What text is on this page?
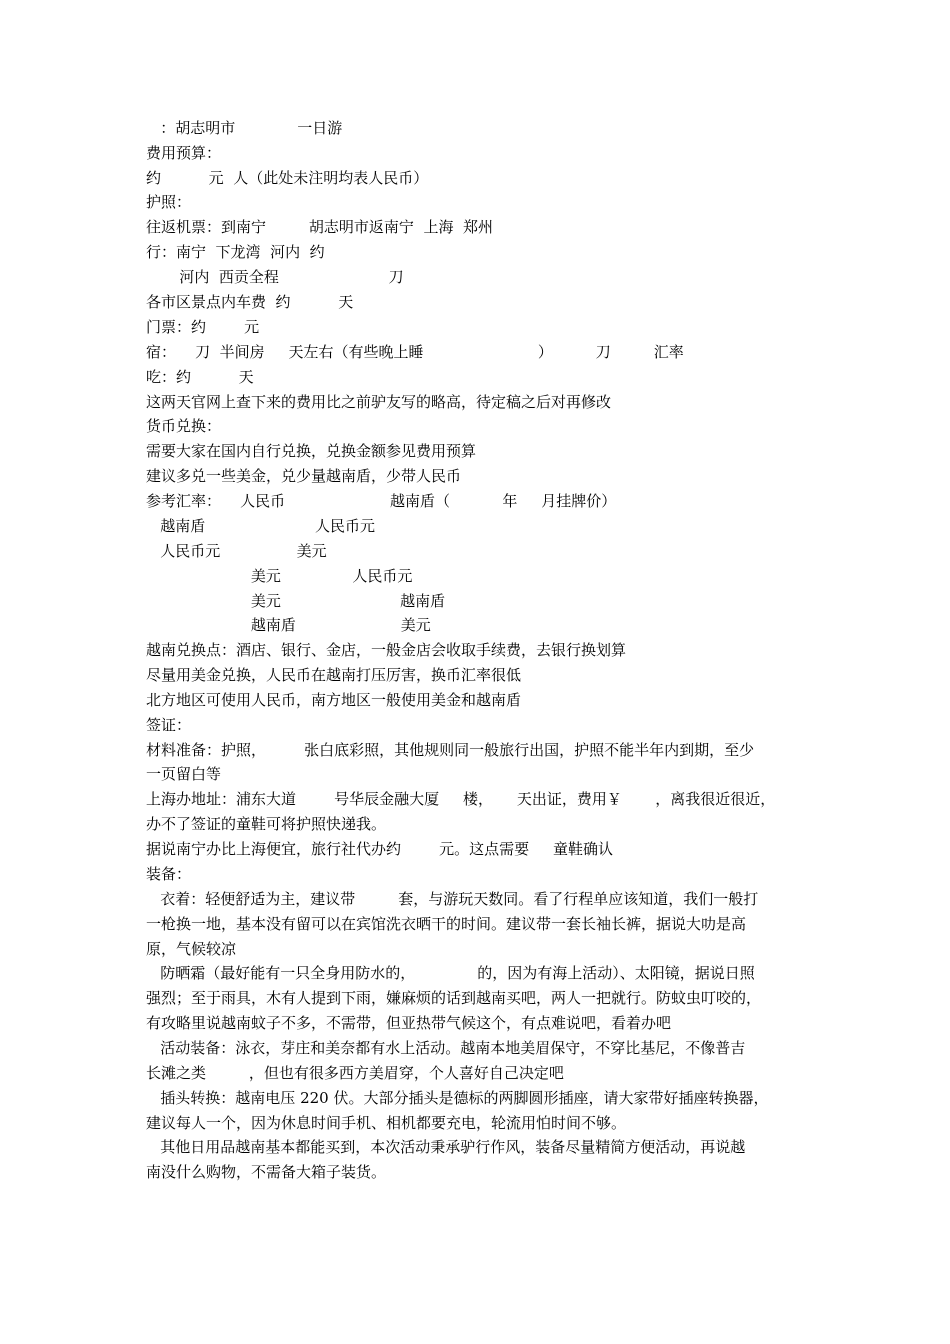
：胡志明市             一日游
费用预算：
约          元  人（此处未注明均表人民币）
护照：
往返机票：到南宁         胡志明市返南宁  上海  郑州
行：南宁  下龙湾  河内  约
河内  西贡全程                       刀
各市区景点内车费  约          天
门票：约        元
宿：    刀  半间房     天左右（有些晚上睡                        ）         刀         汇率
吃：约          天
这两天官网上查下来的费用比之前驴友写的略高，待定稿之后对再修改
货币兑换：
需要大家在国内自行兑换，兑换金额参见费用预算
建议多兑一些美金，兑少量越南盾，少带人民币
参考汇率：    人民币                      越南盾（           年     月挂牌价）
越南盾                       人民币元
人民币元                美元
美元               人民币元
美元                         越南盾
越南盾                      美元
越南兑换点：酒店、银行、金店，一般金店会收取手续费，去银行换划算
尽量用美金兑换，人民币在越南打压厉害，换币汇率很低
北方地区可使用人民币，南方地区一般使用美金和越南盾
签证：
材料准备：护照，        张白底彩照，其他规则同一般旅行出国，护照不能半年内到期，至少
一页留白等
上海办地址：浦东大道        号华辰金融大厦     楼，     天出证，费用￥       ，离我很近很近，
办不了签证的童鞋可将护照快递我。
据说南宁办比上海便宜，旅行社代办约        元。这点需要     童鞋确认
装备：
衣着：轻便舒适为主，建议带         套，与游玩天数同。看了行程单应该知道，我们一般打
一枪换一地，基本没有留可以在宾馆洗衣晒干的时间。建议带一套长袖长裤，据说大叻是高
原，气候较凉
防晒霜（最好能有一只全身用防水的，             的，因为有海上活动）、太阳镜，据说日照
强烈；至于雨具，木有人提到下雨，嫌麻烦的话到越南买吧，两人一把就行。防蚊虫叮咬的，
有攻略里说越南蚊子不多，不需带，但亚热带气候这个，有点难说吧，看着办吧
活动装备：泳衣，芽庄和美奈都有水上活动。越南本地美眉保守，不穿比基尼，不像普吉
长滩之类         ，但也有很多西方美眉穿，个人喜好自己决定吧
插头转换：越南电压 220 伏。大部分插头是德标的两脚圆形插座，请大家带好插座转换器，
建议每人一个，因为休息时间手机、相机都要充电，轮流用怕时间不够。
其他日用品越南基本都能买到，本次活动秉承驴行作风，装备尽量精简方便活动，再说越
南没什么购物，不需备大箱子装货。
